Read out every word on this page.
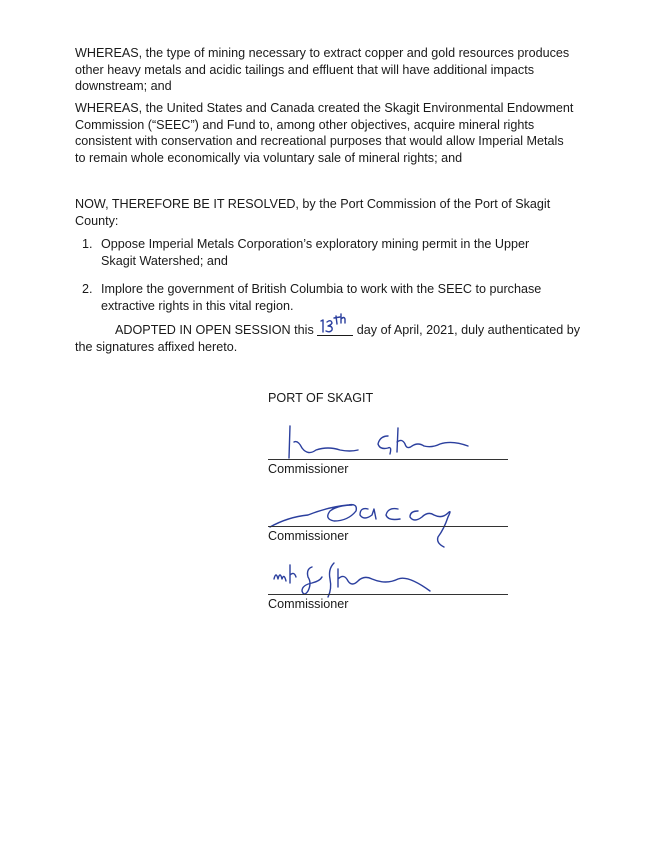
WHEREAS, the type of mining necessary to extract copper and gold resources produces other heavy metals and acidic tailings and effluent that will have additional impacts downstream; and

WHEREAS, the United States and Canada created the Skagit Environmental Endowment Commission (“SEEC”) and Fund to, among other objectives, acquire mineral rights consistent with conservation and recreational purposes that would allow Imperial Metals to remain whole economically via voluntary sale of mineral rights; and

NOW, THEREFORE BE IT RESOLVED, by the Port Commission of the Port of Skagit County:

1. Oppose Imperial Metals Corporation’s exploratory mining permit in the Upper Skagit Watershed; and
2. Implore the government of British Columbia to work with the SEEC to purchase extractive rights in this vital region.

ADOPTED IN OPEN SESSION this	day of April, 2021, duly authenticated by the signatures affixed hereto.

PORT OF SKAGIT

Commissioner
Commissioner
Commissioner
